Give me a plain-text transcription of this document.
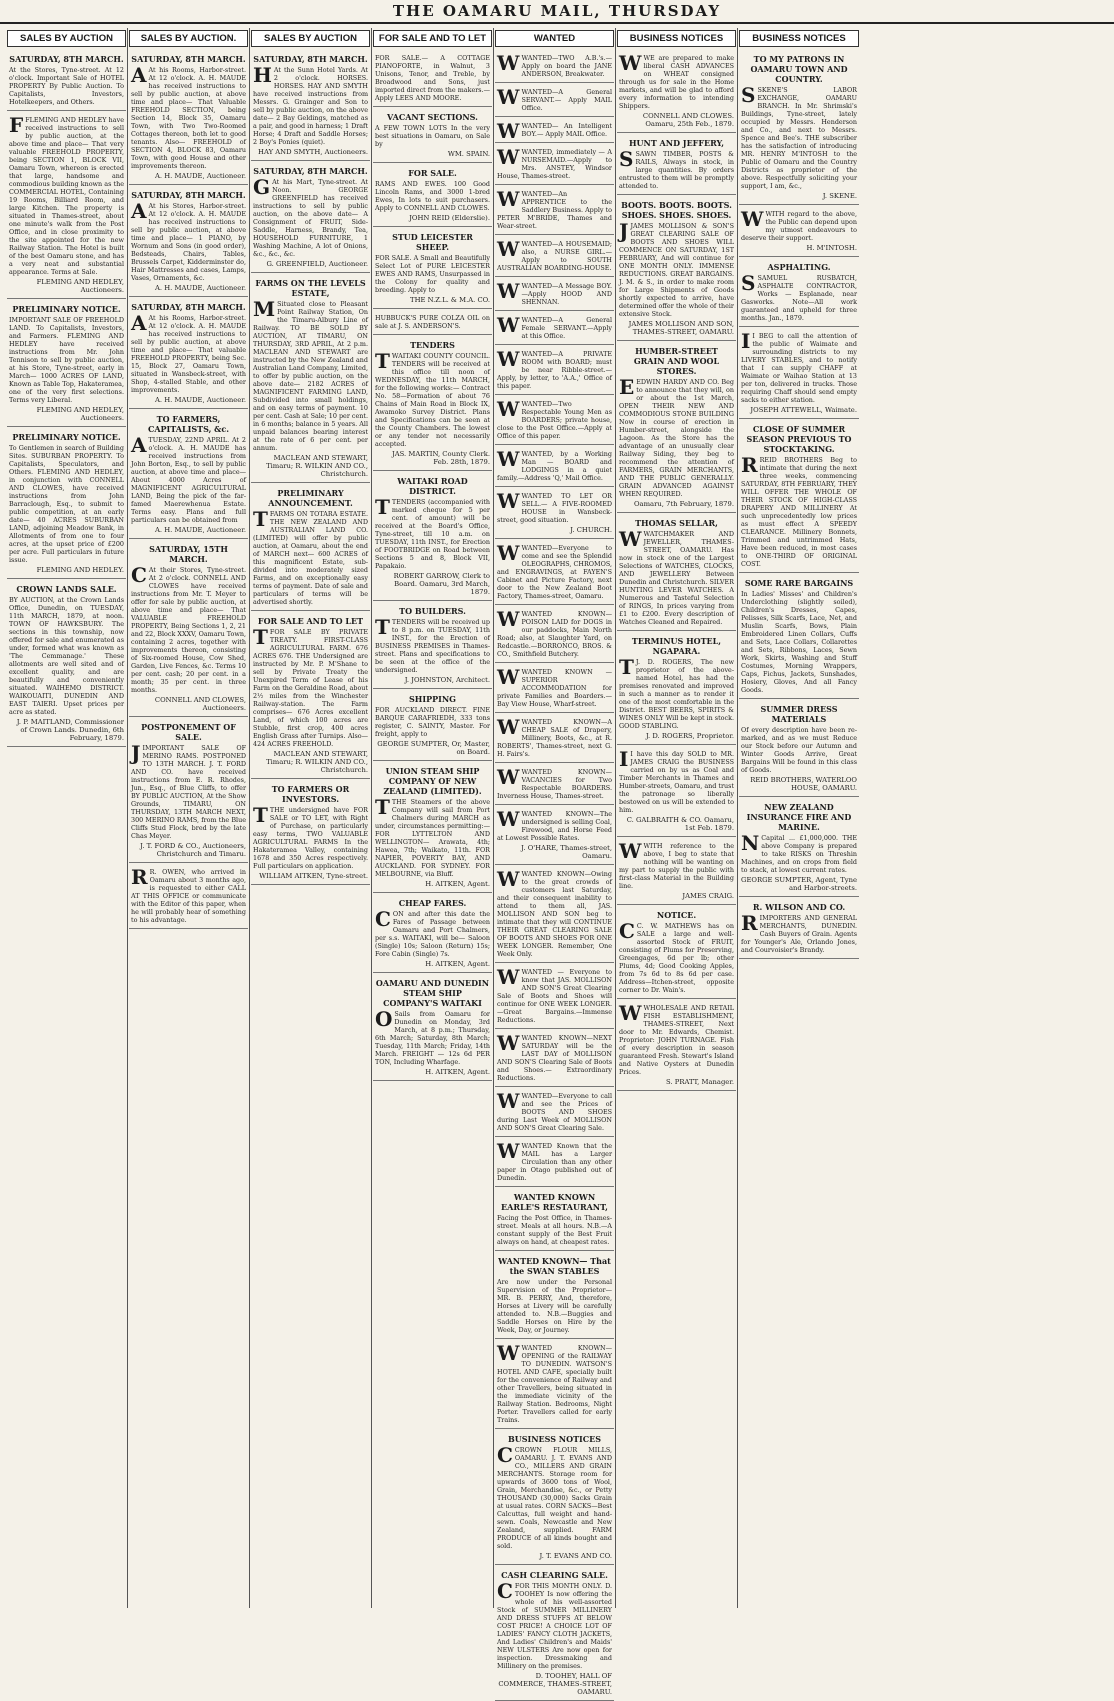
THE OAMARU MAIL, THURSDAY
SALES BY AUCTION
SATURDAY, 8TH MARCH.
At the Stores, Tyne-street. At 12 o'clock. Important Sale of HOTEL PROPERTY By Public Auction. To Capitalists, Investors, Hotelkeepers, and Others.
FFLEMING AND HEDLEY have received instructions to sell by public auction, at the above time and place— That very valuable FREEHOLD PROPERTY, being SECTION 1, BLOCK VII, Oamaru Town, whereon is erected that large, handsome and commodious building known as the COMMERCIAL HOTEL, Containing 19 Rooms, Billiard Room, and large Kitchen. The property is situated in Thames-street, about one minute's walk from the Post Office, and in close proximity to the site appointed for the new Railway Station. The Hotel is built of the best Oamaru stone, and has a very neat and substantial appearance. Terms at Sale.
FLEMING AND HEDLEY, Auctioneers.
PRELIMINARY NOTICE.
IMPORTANT SALE OF FREEHOLD LAND. To Capitalists, Investors, and Farmers. FLEMING AND HEDLEY have received instructions from Mr. John Tennison to sell by public auction, at his Store, Tyne-street, early in March— 1000 ACRES OF LAND, Known as Table Top, Hakateramea, one of the very first selections. Terms very Liberal.
FLEMING AND HEDLEY, Auctioneers.
PRELIMINARY NOTICE.
To Gentlemen in search of Building Sites. SUBURBAN PROPERTY. To Capitalists, Speculators, and Others. FLEMING AND HEDLEY, in conjunction with CONNELL AND CLOWES, have received instructions from John Barraclough, Esq., to submit to public competition, at an early date— 40 ACRES SUBURBAN LAND, adjoining Meadow Bank, in Allotments of from one to four acres, at the upset price of £200 per acre. Full particulars in future issue.
FLEMING AND HEDLEY.
CROWN LANDS SALE.
BY AUCTION, at the Crown Lands Office, Dunedin, on TUESDAY, 11th MARCH, 1879, at noon. TOWN OF HAWKSBURY. The sections in this township, now offered for sale and enumerated as under, formed what was known as 'The Cemmanage.' These allotments are well sited and of excellent quality, and are beautifully and conveniently situated. WAIHEMO DISTRICT. WAIKOUAITI, DUNEDIN AND EAST TAIERI. Upset prices per acre as stated.
J. P. MAITLAND, Commissioner of Crown Lands. Dunedin, 6th February, 1879.
SALES BY AUCTION.
SATURDAY, 8TH MARCH.
A At his Rooms, Harbor-street. At 12 o'clock. A. H. MAUDE has received instructions to sell by public auction, at above time and place— That Valuable FREEHOLD SECTION, being Section 14, Block 35, Oamaru Town, with Two Two-Roomed Cottages thereon, both let to good tenants. Also— FREEHOLD of SECTION 4, BLOCK 83, Oamaru Town, with good House and other improvements thereon.
A. H. MAUDE, Auctioneer.
SATURDAY, 8TH MARCH.
A At his Stores, Harbor-street. At 12 o'clock. A. H. MAUDE has received instructions to sell by public auction, at above time and place— 1 PIANO, by Wornum and Sons (in good order), Bedsteads, Chairs, Tables, Brussels Carpet, Kidderminster do, Hair Mattresses and cases, Lamps, Vases, Ornaments, &c.
A. H. MAUDE, Auctioneer.
SATURDAY, 8TH MARCH.
A At his Rooms, Harbor-street. At 12 o'clock. A. H. MAUDE has received instructions to sell by public auction, at above time and place— That valuable FREEHOLD PROPERTY, being Sec. 15, Block 27, Oamaru Town, situated in Wansbeck-street, with Shop, 4-stalled Stable, and other improvements.
A. H. MAUDE, Auctioneer.
TO FARMERS, CAPITALISTS, &c.
ATUESDAY, 22ND APRIL. At 2 o'clock. A. H. MAUDE has received instructions from John Borton, Esq., to sell by public auction, at above time and place— About 4000 Acres of MAGNIFICENT AGRICULTURAL LAND, Being the pick of the far-famed Maerewhenua Estate. Terms easy. Plans and full particulars can be obtained from
A. H. MAUDE, Auctioneer.
SATURDAY, 15TH MARCH.
C At their Stores, Tyne-street. At 2 o'clock. CONNELL AND CLOWES have received instructions from Mr. T. Meyer to offer for sale by public auction, at above time and place— That VALUABLE FREEHOLD PROPERTY, Being Sections 1, 2, 21 and 22, Block XXXV, Oamaru Town, containing 2 acres, together with improvements thereon, consisting of Six-roomed House, Cow Shed, Garden, Live Fences, &c. Terms 10 per cent. cash; 20 per cent. in a month; 35 per cent. in three months.
CONNELL AND CLOWES, Auctioneers.
POSTPONEMENT OF SALE.
JIMPORTANT SALE OF MERINO RAMS. POSTPONED TO 13TH MARCH. J. T. FORD AND CO. have received instructions from E. R. Rhodes, Jun., Esq., of Blue Cliffs, to offer BY PUBLIC AUCTION, At the Show Grounds, TIMARU, ON THURSDAY, 13TH MARCH NEXT, 300 MERINO RAMS, from the Blue Cliffs Stud Flock, bred by the late Chas Meyer.
J. T. FORD & CO., Auctioneers, Christchurch and Timaru.
R R. OWEN, who arrived in Oamaru about 3 months ago, is requested to either CALL AT THIS OFFICE or communicate with the Editor of this paper, when he will probably hear of something to his advantage.
SALES BY AUCTION
SATURDAY, 8TH MARCH.
H At the Sunn Hotel Yards. At 2 o'clock. HORSES. HORSES. HAY AND SMYTH have received instructions from Messrs. G. Grainger and Son to sell by public auction, on the above date— 2 Bay Geldings, matched as a pair, and good in harness; 1 Draft Horse; 4 Draft and Saddle Horses; 2 Boy's Ponies (quiet).
HAY AND SMYTH, Auctioneers.
SATURDAY, 8TH MARCH.
G At his Mart, Tyne-street. At Noon. GEORGE GREENFIELD has received instructions to sell by public auction, on the above date— A Consignment of FRUIT, Side-Saddle, Harness, Brandy, Tea, HOUSEHOLD FURNITURE, 1 Washing Machine, A lot of Onions, &c., &c., &c.
G. GREENFIELD, Auctioneer.
FARMS ON THE LEVELS ESTATE,
M Situated close to Pleasant Point Railway Station, On the Timaru-Albury Line of Railway. TO BE SOLD BY AUCTION, AT TIMARU, ON THURSDAY, 3RD APRIL, At 2 p.m. MACLEAN AND STEWART are instructed by the New Zealand and Australian Land Company, Limited, to offer by public auction, on the above date— 2182 ACRES of MAGNIFICENT FARMING LAND, Subdivided into small holdings, and on easy terms of payment. 10 per cent. Cash at Sale; 10 per cent. in 6 months; balance in 5 years. All unpaid balances bearing interest at the rate of 6 per cent. per annum.
MACLEAN AND STEWART, Timaru; R. WILKIN AND CO., Christchurch.
PRELIMINARY ANNOUNCEMENT.
TFARMS ON TOTARA ESTATE. THE NEW ZEALAND AND AUSTRALIAN LAND CO. (LIMITED) will offer by public auction, at Oamaru, about the end of MARCH next— 600 ACRES of this magnificent Estate, sub-divided into moderately sized Farms, and on exceptionally easy terms of payment. Date of sale and particulars of terms will be advertised shortly.
FOR SALE AND TO LET
TFOR SALE BY PRIVATE TREATY. FIRST-CLASS AGRICULTURAL FARM. 676 ACRES 676. THE Undersigned are instructed by Mr. P. M'Shane to sell by Private Treaty the Unexpired Term of Lease of his Farm on the Geraldine Road, about 2½ miles from the Winchester Railway-station. The Farm comprises— 676 Acres excellent Land, of which 100 acres are Stubble, first crop, 400 acres English Grass after Turnips. Also— 424 ACRES FREEHOLD.
MACLEAN AND STEWART, Timaru; R. WILKIN AND CO., Christchurch.
TO FARMERS OR INVESTORS.
TTHE undersigned have FOR SALE or TO LET, with Right of Purchase, on particularly easy terms, TWO VALUABLE AGRICULTURAL FARMS In the Hakateramea Valley, containing 1678 and 350 Acres respectively. Full particulars on application.
WILLIAM AITKEN, Tyne-street.
FOR SALE AND TO LET
FOR SALE.— A COTTAGE PIANOFORTE, in Walnut, 3 Unisons, Tenor, and Treble, by Broadwood and Sons, just imported direct from the makers.— Apply LEES AND MOORE.
VACANT SECTIONS.
A FEW TOWN LOTS In the very best situations in Oamaru, on Sale by
WM. SPAIN.
FOR SALE.
RAMS AND EWES. 100 Good Lincoln Rams, and 3000 1-bred Ewes, In lots to suit purchasers. Apply to CONNELL AND CLOWES.
JOHN REID (Elderslie).
STUD LEICESTER SHEEP.
FOR SALE. A Small and Beautifully Select Lot of PURE LEICESTER EWES AND RAMS, Unsurpassed in the Colony for quality and breeding. Apply to
THE N.Z.L. & M.A. CO.
HUBBUCK'S PURE COLZA OIL on sale at J. S. ANDERSON'S.
TENDERS
TWAITAKI COUNTY COUNCIL. TENDERS will be received at this office till noon of WEDNESDAY, the 11th MARCH, for the following works:— Contract No. 58—Formation of about 76 Chains of Main Road in Block IX, Awamoko Survey District. Plans and Specifications can be seen at the County Chambers. The lowest or any tender not necessarily accepted.
JAS. MARTIN, County Clerk. Feb. 28th, 1879.
WAITAKI ROAD DISTRICT.
TTENDERS (accompanied with marked cheque for 5 per cent. of amount) will be received at the Board's Office, Tyne-street, till 10 a.m. on TUESDAY, 11th INST., for Erection of FOOTBRIDGE on Road between Sections 5 and 8, Block VII, Papakaio.
ROBERT GARROW, Clerk to Board. Oamaru, 3rd March, 1879.
TO BUILDERS.
TTENDERS will be received up to 8 p.m. on TUESDAY, 11th INST., for the Erection of BUSINESS PREMISES in Thames-street. Plans and specifications to be seen at the office of the undersigned.
J. JOHNSTON, Architect.
SHIPPING
FOR AUCKLAND DIRECT. FINE BARQUE CARAFRIEDH, 333 tons register, C. SAINTY, Master. For freight, apply to
GEORGE SUMPTER, Or, Master, on Board.
UNION STEAM SHIP COMPANY OF NEW ZEALAND (LIMITED).
TTHE Steamers of the above Company will sail from Port Chalmers during MARCH as under, circumstances permitting:— FOR LYTTELTON AND WELLINGTON— Arawata, 4th; Hawea, 7th; Waikato, 11th. FOR NAPIER, POVERTY BAY, AND AUCKLAND. FOR SYDNEY. FOR MELBOURNE, via Bluff.
H. AITKEN, Agent.
CHEAP FARES.
CON and after this date the Fares of Passage between Oamaru and Port Chalmers, per s.s. WAITAKI, will be— Saloon (Single) 10s; Saloon (Return) 15s; Fore Cabin (Single) 7s.
H. AITKEN, Agent.
OAMARU AND DUNEDIN STEAM SHIP COMPANY'S WAITAKI
O Sails from Oamaru for Dunedin on Monday, 3rd March, at 8 p.m.; Thursday, 6th March; Saturday, 8th March; Tuesday, 11th March; Friday, 14th March. FREIGHT — 12s 6d PER TON, Including Wharfage.
H. AITKEN, Agent.
WANTED
WWANTED—TWO A.B.'s.— Apply on board the JANE ANDERSON, Breakwater.
WWANTED—A General SERVANT.— Apply MAIL Office.
WWANTED— An Intelligent BOY.— Apply MAIL Office.
WWANTED, immediately — A NURSEMAID.—Apply to Mrs. ANSTEY, Windsor House, Thames-street.
WWANTED—An APPRENTICE to the Saddlery Business. Apply to PETER M'BRIDE, Thames and Wear-street.
WWANTED—A HOUSEMAID; also, a NURSE GIRL.—Apply to SOUTH AUSTRALIAN BOARDING-HOUSE.
WWANTED—A Message BOY.—Apply HOOD AND SHENNAN.
WWANTED—A General Female SERVANT.—Apply at this Office.
WWANTED—A PRIVATE ROOM with BOARD; must be near Ribble-street.—Apply, by letter, to 'A.A.,' Office of this paper.
WWANTED—Two Respectable Young Men as BOARDERS; private house, close to the Post Office.—Apply at Office of this paper.
WWANTED, by a Working Man — BOARD and LODGINGS in a quiet family.—Address 'Q,' Mail Office.
WWANTED TO LET OR SELL.— A FIVE-ROOMED HOUSE in Wansbeck-street, good situation.
J. CHURCH.
WWANTED—Everyone to come and see the Splendid OLEOGRAPHS, CHROMOS, and ENGRAVINGS, at FAYEN'S Cabinet and Picture Factory, next door to the New Zealand Boot Factory, Thames-street, Oamaru.
WWANTED KNOWN—POISON LAID for DOGS in our paddocks, Main North Road; also, at Slaughter Yard, on Redcastle.—BORRONCO, BROS. & CO., Smithfield Butchery.
WWANTED KNOWN — SUPERIOR ACCOMMODATION for private Families and Boarders.—Bay View House, Wharf-street.
WWANTED KNOWN—A CHEAP SALE of Drapery, Millinery, Boots, &c., at R. ROBERTS', Thames-street, next G. H. Fairs's.
WWANTED KNOWN—VACANCIES for Two Respectable BOARDERS. Inverness House, Thames-street.
WWANTED KNOWN—The undersigned is selling Coal, Firewood, and Horse Feed at Lowest Possible Rates.
J. O'HARE, Thames-street, Oamaru.
WWANTED KNOWN—Owing to the great crowds of customers last Saturday, and their consequent inability to attend to them all, JAS. MOLLISON AND SON beg to intimate that they will CONTINUE THEIR GREAT CLEARING SALE OF BOOTS AND SHOES FOR ONE WEEK LONGER. Remember, One Week Only.
WWANTED — Everyone to know that JAS. MOLLISON AND SON'S Great Clearing Sale of Boots and Shoes will continue for ONE WEEK LONGER.—Great Bargains.—Immense Reductions.
WWANTED KNOWN—NEXT SATURDAY will be the LAST DAY of MOLLISON AND SON'S Clearing Sale of Boots and Shoes.— Extraordinary Reductions.
WWANTED—Everyone to call and see the Prices of BOOTS AND SHOES during Last Week of MOLLISON AND SON'S Great Clearing Sale.
WWANTED Known that the MAIL has a Larger Circulation than any other paper in Otago published out of Dunedin.
WANTED KNOWN EARLE'S RESTAURANT,
Facing the Post Office, in Thames-street. Meals at all hours. N.B.—A constant supply of the Best Fruit always on hand, at cheapest rates.
WANTED KNOWN— That the SWAN STABLES
Are now under the Personal Supervision of the Proprietor— MR. B. PERRY, And, therefore, Horses at Livery will be carefully attended to. N.B.—Buggies and Saddle Horses on Hire by the Week, Day, or Journey.
WWANTED KNOWN—OPENING of the RAILWAY TO DUNEDIN. WATSON'S HOTEL AND CAFE, specially built for the convenience of Railway and other Travellers, being situated in the immediate vicinity of the Railway Station. Bedrooms, Night Porter. Travellers called for early Trains.
BUSINESS NOTICES
CCROWN FLOUR MILLS, OAMARU. J. T. EVANS AND CO., MILLERS AND GRAIN MERCHANTS. Storage room for upwards of 3600 tons of Wool, Grain, Merchandise, &c., or Petty THOUSAND (30,000) Sacks Grain at usual rates. CORN SACKS—Best Calcuttas, full weight and hand-sewn. Coals, Newcastle and New Zealand, supplied. FARM PRODUCE of all kinds bought and sold.
J. T. EVANS AND CO.
CASH CLEARING SALE.
CFOR THIS MONTH ONLY. D. TOOHEY Is now offering the whole of his well-assorted Stock of SUMMER MILLINERY AND DRESS STUFFS AT BELOW COST PRICE! A CHOICE LOT OF LADIES' FANCY CLOTH JACKETS, And Ladies' Children's and Maids' NEW ULSTERS Are now open for inspection. Dressmaking and Millinery on the premises.
D. TOOHEY, HALL OF COMMERCE, THAMES-STREET, OAMARU.
BUSINESS NOTICES
WWE are prepared to make liberal CASH ADVANCES on WHEAT consigned through us for sale in the Home markets, and will be glad to afford every information to intending Shippers.
CONNELL AND CLOWES. Oamaru, 25th Feb., 1879.
HUNT AND JEFFERY,
SSAWN TIMBER, POSTS & RAILS, Always in stock, in large quantities. By orders entrusted to them will be promptly attended to.
BOOTS. BOOTS. BOOTS. SHOES. SHOES. SHOES.
JJAMES MOLLISON & SON'S GREAT CLEARING SALE OF BOOTS AND SHOES WILL COMMENCE ON SATURDAY, 1ST FEBRUARY, And will continue for ONE MONTH ONLY. IMMENSE REDUCTIONS. GREAT BARGAINS. J. M. & S., in order to make room for Large Shipments of Goods shortly expected to arrive, have determined offer the whole of their extensive Stock.
JAMES MOLLISON AND SON, THAMES-STREET, OAMARU.
HUMBER-STREET GRAIN AND WOOL STORES.
EEDWIN HARDY AND CO. Beg to announce that they will, on or about the 1st March, OPEN THEIR NEW AND COMMODIOUS STONE BUILDING Now in course of erection in Humber-street, alongside the Lagoon. As the Store has the advantage of an unusually clear Railway Siding, they beg to recommend the attention of FARMERS, GRAIN MERCHANTS, AND THE PUBLIC GENERALLY. GRAIN ADVANCED AGAINST WHEN REQUIRED.
Oamaru, 7th February, 1879.
THOMAS SELLAR,
WWATCHMAKER AND JEWELLER, THAMES-STREET, OAMARU. Has now in stock one of the Largest Selections of WATCHES, CLOCKS, AND JEWELLERY Between Dunedin and Christchurch. SILVER HUNTING LEVER WATCHES. A Numerous and Tasteful Selection of RINGS, In prices varying from £1 to £200. Every description of Watches Cleaned and Repaired.
TERMINUS HOTEL, NGAPARA.
T J. D. ROGERS, The new proprietor of the above-named Hotel, has had the premises renovated and improved in such a manner as to render it one of the most comfortable in the District. BEST BEERS, SPIRITS & WINES ONLY Will be kept in stock. GOOD STABLING.
J. D. ROGERS, Proprietor.
I I have this day SOLD to MR. JAMES CRAIG the BUSINESS carried on by us as Coal and Timber Merchants in Thames and Humber-streets, Oamaru, and trust the patronage so liberally bestowed on us will be extended to him.
C. GALBRAITH & CO. Oamaru, 1st Feb. 1879.
WWITH reference to the above, I beg to state that nothing will be wanting on my part to supply the public with first-class Material in the Building line.
JAMES CRAIG.
NOTICE.
C C. W. MATHEWS has on SALE a large and well-assorted Stock of FRUIT, consisting of Plums for Preserving, Greengages, 6d per lb; other Plums, 4d; Good Cooking Apples, from 7s 6d to 8s 6d per case. Address—Itchen-street, opposite corner to Dr. Wain's.
WWHOLESALE AND RETAIL FISH ESTABLISHMENT, THAMES-STREET, Next door to Mr. Edwards, Chemist. Proprietor: JOHN TURNAGE. Fish of every description in season guaranteed Fresh. Stewart's Island and Native Oysters at Dunedin Prices.
S. PRATT, Manager.
BUSINESS NOTICES
TO MY PATRONS IN OAMARU TOWN AND COUNTRY.
SSKENE'S LABOR EXCHANGE, OAMARU BRANCH. In Mr. Shrimski's Buildings, Tyne-street, lately occupied by Messrs. Henderson and Co., and next to Messrs. Spence and Bee's. THE subscriber has the satisfaction of introducing MR. HENRY M'INTOSH to the Public of Oamaru and the Country Districts as proprietor of the above. Respectfully soliciting your support, I am, &c.,
J. SKENE.
WWITH regard to the above, the Public can depend upon my utmost endeavours to deserve their support.
H. M'INTOSH.
ASPHALTING.
SSAMUEL RUSBATCH, ASPHALTE CONTRACTOR, Works — Esplanade, near Gasworks. Note—All work guaranteed and upheld for three months. Jan., 1879.
I I BEG to call the attention of the public of Waimate and surrounding districts to my LIVERY STABLES, and to notify that I can supply CHAFF at Waimate or Waihao Station at 13 per ton, delivered in trucks. Those requiring Chaff should send empty sacks to either station.
JOSEPH ATTEWELL, Waimate.
CLOSE OF SUMMER SEASON PREVIOUS TO STOCKTAKING.
RREID BROTHERS Beg to intimate that during the next three weeks, commencing SATURDAY, 8TH FEBRUARY, THEY WILL OFFER THE WHOLE OF THEIR STOCK OF HIGH-CLASS DRAPERY AND MILLINERY At such unprecedentedly low prices as must effect A SPEEDY CLEARANCE. Millinery Bonnets, Trimmed and untrimmed Hats, Have been reduced, in most cases to ONE-THIRD OF ORIGINAL COST.
SOME RARE BARGAINS
In Ladies' Misses' and Children's Underclothing (slightly soiled), Children's Dresses, Capes, Pelisses, Silk Scarfs, Lace, Net, and Muslin Scarfs, Bows, Plain Embroidered Linen Collars, Cuffs and Sets, Lace Collars, Collarettes and Sets, Ribbons, Laces, Sewn Work, Skirts, Washing and Stuff Costumes, Morning Wrappers, Caps, Fichus, Jackets, Sunshades, Hosiery, Gloves, And all Fancy Goods.
SUMMER DRESS MATERIALS
Of every description have been re-marked, and as we must Reduce our Stock before our Autumn and Winter Goods Arrive, Great Bargains Will be found in this class of Goods.
REID BROTHERS, WATERLOO HOUSE, OAMARU.
NEW ZEALAND INSURANCE FIRE AND MARINE.
N Capital ... £1,000,000. THE above Company is prepared to take RISKS on Threshin Machines, and on crops from field to stack, at lowest current rates.
GEORGE SUMPTER, Agent, Tyne and Harbor-streets.
R. WILSON AND CO.
RIMPORTERS AND GENERAL MERCHANTS, DUNEDIN. Cash Buyers of Grain. Agents for Younger's Ale, Orlando Jones, and Courvoisier's Brandy.
